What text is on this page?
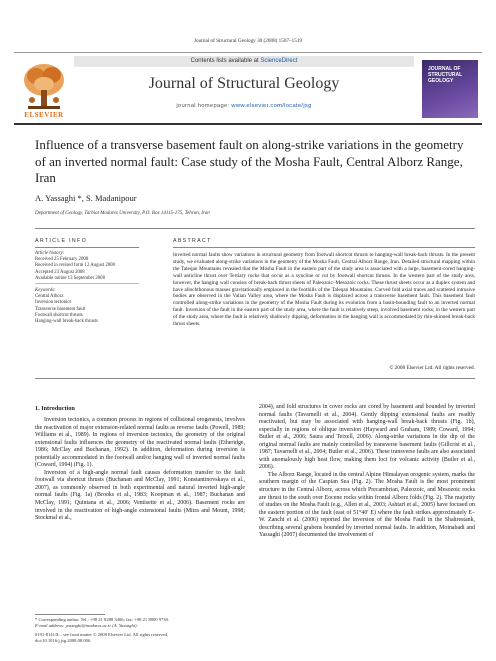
Journal of Structural Geology 30 (2008) 1507–1519
Contents lists available at ScienceDirect
ELSEVIER
Journal of Structural Geology
journal homepage: www.elsevier.com/locate/jsg
JOURNAL OF STRUCTURAL GEOLOGY
Influence of a transverse basement fault on along-strike variations in the geometry of an inverted normal fault: Case study of the Mosha Fault, Central Alborz Range, Iran
A. Yassaghi *, S. Madanipour
Department of Geology, Tarbiat Modares University, P.O. Box 14115-175, Tehran, Iran
ARTICLE INFO	ABSTRACT
Article history:
Received 25 February 2008
Received in revised form 12 August 2008
Accepted 23 August 2008
Available online 13 September 2008
Keywords:
Central Alborz
Inversion tectonics
Transverse basement fault
Footwall shortcut thrusts
Hanging-wall break-back thrusts
Inverted normal faults show variations in structural geometry from footwall shortcut thrusts to hanging-wall break-back thrusts. In the present study, we evaluated along-strike variations in the geometry of the Mosha Fault, Central Alborz Range, Iran. Detailed structural mapping within the Taleqan Mountains revealed that the Mosha Fault in the eastern part of the study area is associated with a large, basement-cored hanging-wall anticline thrust over Tertiary rocks that occur as a syncline or cut by footwall shortcut thrusts. In the western part of the study area, however, the hanging wall consists of break-back thrust sheets of Paleozoic–Mesozoic rocks. These thrust sheets occur as a duplex system and have allochthonous masses gravitationally emplaced in the foothills of the Taleqan Mountains. Curved fold axial traces and scattered intrusive bodies are observed in the Valian Valley area, where the Mosha Fault is displaced across a transverse basement fault. This basement fault controlled along-strike variations in the geometry of the Mosha Fault during its evolution from a basin-bounding fault to an inverted normal fault. Inversion of the fault in the eastern part of the study area, where the fault is relatively steep, involved basement rocks; in the western part of the study area, where the fault is relatively shallowly dipping, deformation in the hanging wall is accommodated by thin-skinned break-back thrust sheets.
© 2008 Elsevier Ltd. All rights reserved.
1. Introduction

Inversion tectonics, a common process in regions of collisional orogenesis, involves the reactivation of major extension-related normal faults as reverse faults (Powell, 1989; Williams et al., 1989). In regions of inversion tectonics, the geometry of the original extensional faults influences the geometry of the reactivated normal faults (Etheridge, 1986; McClay and Buchanan, 1992). In addition, deformation during inversion is potentially accommodated in the footwall and/or hanging wall of inverted normal faults (Coward, 1994) (Fig. 1).

Inversion of a high-angle normal fault causes deformation transfer to the fault footwall via shortcut thrusts (Buchanan and McClay, 1991; Konstantinovskaya et al., 2007), as commonly observed in both experimental and natural inverted high-angle normal faults (Fig. 1a) (Brooks et al., 1983; Koopman et al., 1987; Buchanan and McClay, 1991; Quintana et al., 2006; Ventisette et al., 2006). Basement rocks are involved in the reactivation of high-angle extensional faults (Mitra and Mount, 1998; Stockmal et al.,

2004), and fold structures in cover rocks are cored by basement and bounded by inverted normal faults (Tavarnelli et al., 2004). Gently dipping extensional faults are readily reactivated, but may be associated with hanging-wall break-back thrusts (Fig. 1b), especially in regions of oblique inversion (Hayward and Graham, 1989; Coward, 1994; Butler et al., 2006; Saura and Teixell, 2006). Along-strike variations in the dip of the original normal faults are mainly controlled by transverse basement faults (Gillcrist et al., 1987; Tavarnelli et al., 2004; Butler et al., 2006). These transverse faults are also associated with anomalously high heat flow, making them loci for volcanic activity (Butler et al., 2006).

The Alborz Range, located in the central Alpine Himalayan orogenic system, marks the southern margin of the Caspian Sea (Fig. 2). The Mosha Fault is the most prominent structure in the Central Alborz, across which Precambrian, Paleozoic, and Mesozoic rocks are thrust to the south over Eocene rocks within frontal Alborz folds (Fig. 2). The majority of studies on the Mosha Fault (e.g., Allen et al., 2003; Ashtari et al., 2005) have focused on the eastern portion of the fault (east of 51°40′ E) where the fault strikes approximately E–W. Zanchi et al. (2006) reported the inversion of the Mosha Fault in the Shahrestank, describing several grabens bounded by inverted normal faults. In addition, Moinabadi and Yassaghi (2007) documented the involvement of

* Corresponding author. Tel.: +98 21 8288 3406; fax: +98 21 8800 9730.
E-mail address: yassaghi@modares.ac.ir (A. Yassaghi).
0191-8141/$ – see front matter © 2008 Elsevier Ltd. All rights reserved.
doi:10.1016/j.jsg.2008.08.006
